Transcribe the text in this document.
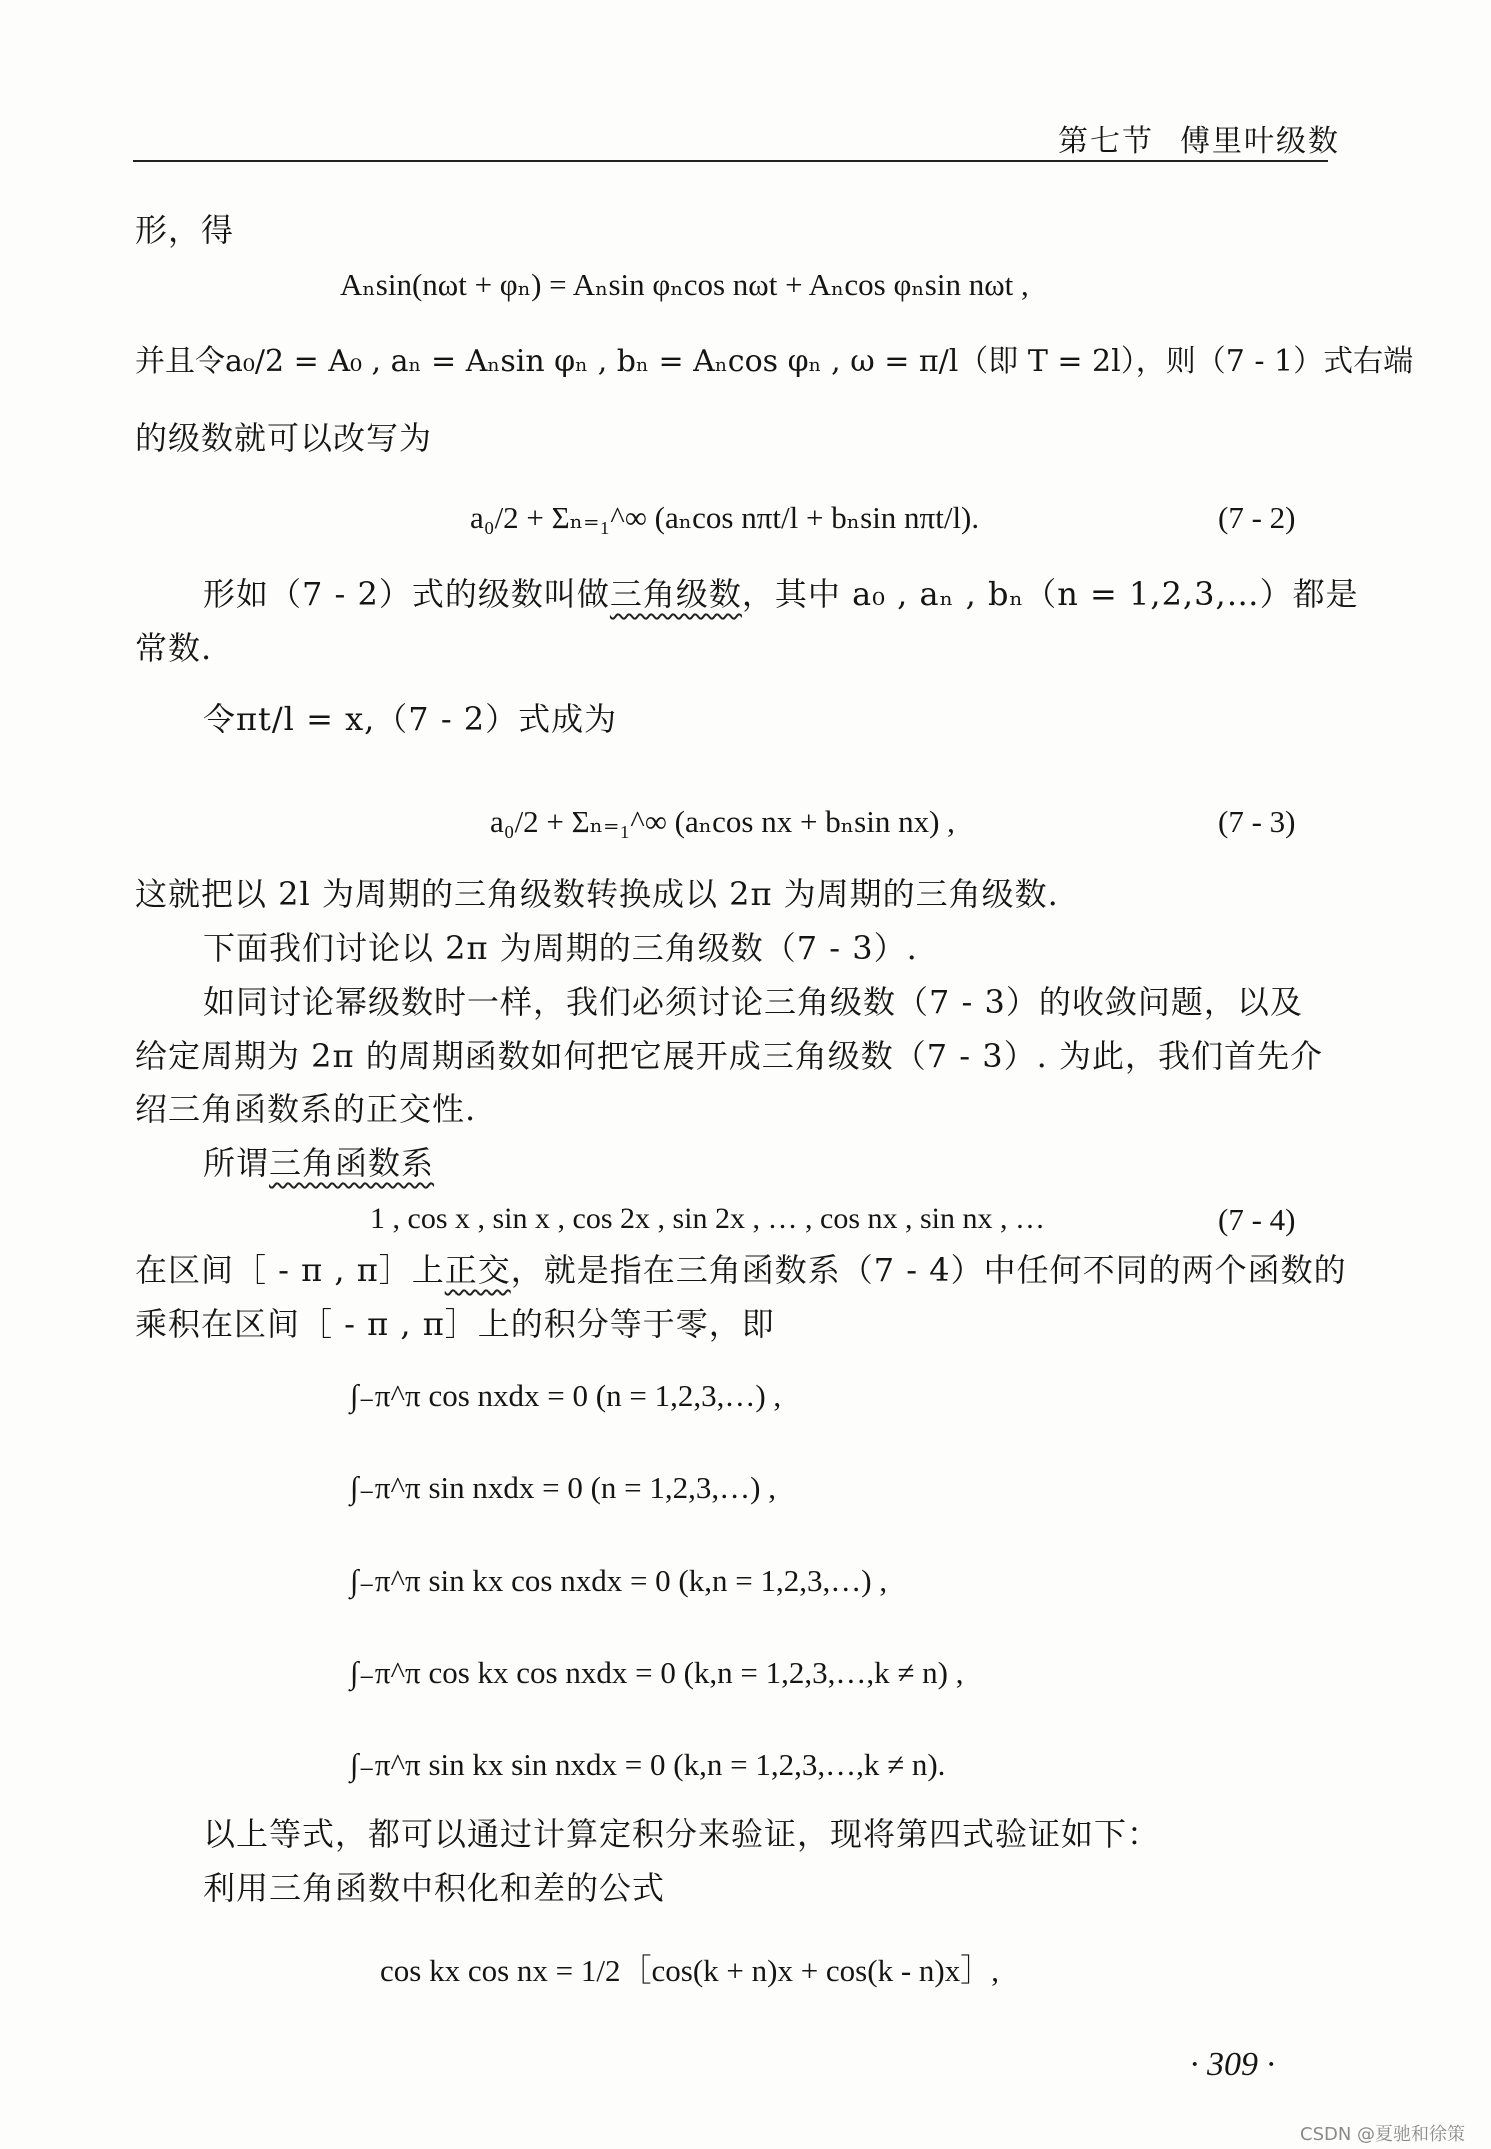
第七节 傅里叶级数
形，得
Aₙsin(nωt + φₙ) = Aₙsin φₙcos nωt + Aₙcos φₙsin nωt ,
并且令a₀/2 = A₀ , aₙ = Aₙsin φₙ , bₙ = Aₙcos φₙ , ω = π/l（即 T = 2l），则（7 - 1）式右端
的级数就可以改写为
a₀/2 + Σₙ₌₁^∞ (aₙcos nπt/l + bₙsin nπt/l).	(7 - 2)
形如（7 - 2）式的级数叫做三角级数，其中 a₀ , aₙ , bₙ（n = 1,2,3,…）都是
常数.
令πt/l = x,（7 - 2）式成为
a₀/2 + Σₙ₌₁^∞ (aₙcos nx + bₙsin nx) ,	(7 - 3)
这就把以 2l 为周期的三角级数转换成以 2π 为周期的三角级数.
下面我们讨论以 2π 为周期的三角级数（7 - 3）.
如同讨论幂级数时一样，我们必须讨论三角级数（7 - 3）的收敛问题，以及
给定周期为 2π 的周期函数如何把它展开成三角级数（7 - 3）. 为此，我们首先介
绍三角函数系的正交性.
所谓三角函数系
1 , cos x , sin x , cos 2x , sin 2x , … , cos nx , sin nx , …	(7 - 4)
在区间［ - π , π］上正交，就是指在三角函数系（7 - 4）中任何不同的两个函数的
乘积在区间［ - π , π］上的积分等于零，即
∫₋π^π cos nxdx = 0 (n = 1,2,3,…) ,
∫₋π^π sin nxdx = 0 (n = 1,2,3,…) ,
∫₋π^π sin kx cos nxdx = 0 (k,n = 1,2,3,…) ,
∫₋π^π cos kx cos nxdx = 0 (k,n = 1,2,3,…,k ≠ n) ,
∫₋π^π sin kx sin nxdx = 0 (k,n = 1,2,3,…,k ≠ n).
以上等式，都可以通过计算定积分来验证，现将第四式验证如下：
利用三角函数中积化和差的公式
cos kx cos nx = 1/2［cos(k + n)x + cos(k - n)x］,
· 309 ·
CSDN @夏驰和徐策
